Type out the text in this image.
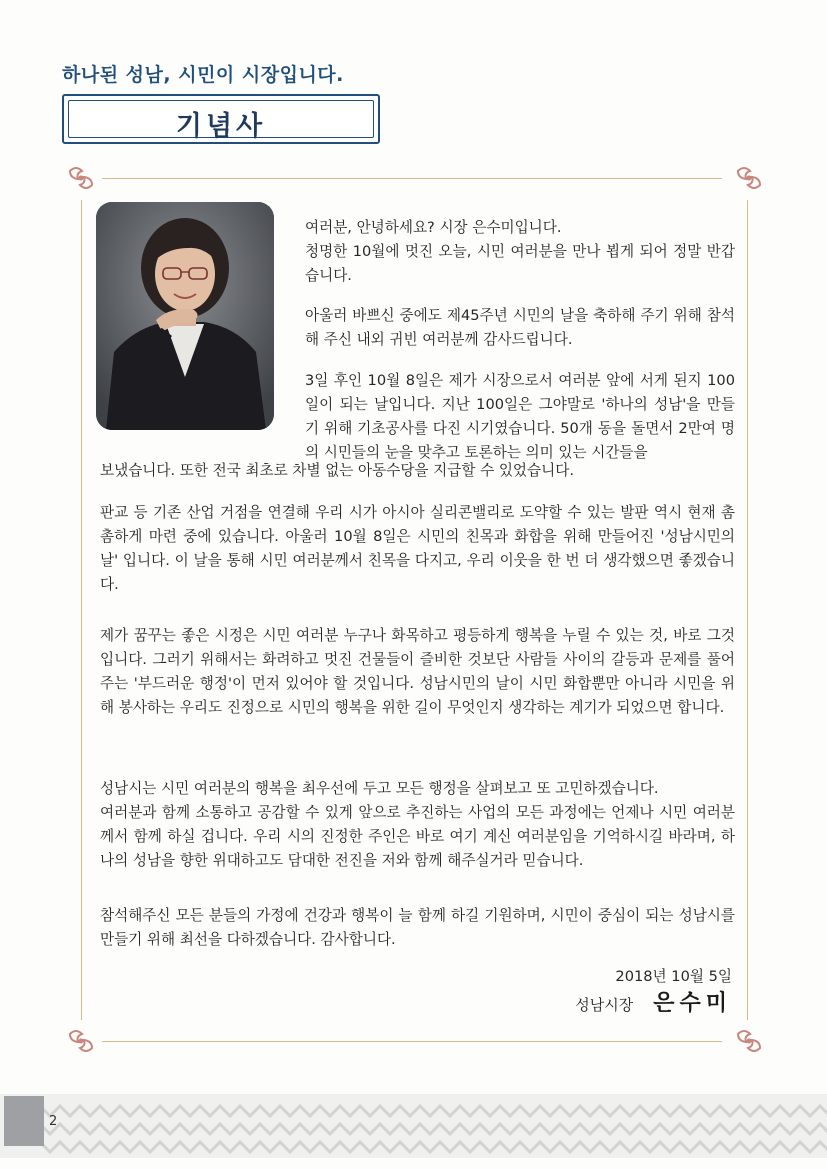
하나된 성남, 시민이 시장입니다.
기념사

여러분, 안녕하세요? 시장 은수미입니다.

청명한 10월에 멋진 오늘, 시민 여러분을 만나 뵙게 되어 정말 반갑습니다.

아울러 바쁘신 중에도 제45주년 시민의 날을 축하해 주기 위해 참석해 주신 내외 귀빈 여러분께 감사드립니다.

3일 후인 10월 8일은 제가 시장으로서 여러분 앞에 서게 된지 100일이 되는 날입니다. 지난 100일은 그야말로 '하나의 성남'을 만들기 위해 기초공사를 다진 시기였습니다. 50개 동을 돌면서 2만여 명의 시민들의 눈을 맞추고 토론하는 의미 있는 시간들을

보냈습니다. 또한 전국 최초로 차별 없는 아동수당을 지급할 수 있었습니다.

판교 등 기존 산업 거점을 연결해 우리 시가 아시아 실리콘밸리로 도약할 수 있는 발판 역시 현재 촘촘하게 마련 중에 있습니다. 아울러 10월 8일은 시민의 친목과 화합을 위해 만들어진 '성남시민의 날' 입니다. 이 날을 통해 시민 여러분께서 친목을 다지고, 우리 이웃을 한 번 더 생각했으면 좋겠습니다.

제가 꿈꾸는 좋은 시정은 시민 여러분 누구나 화목하고 평등하게 행복을 누릴 수 있는 것, 바로 그것입니다. 그러기 위해서는 화려하고 멋진 건물들이 즐비한 것보단 사람들 사이의 갈등과 문제를 풀어주는 '부드러운 행정'이 먼저 있어야 할 것입니다. 성남시민의 날이 시민 화합뿐만 아니라 시민을 위해 봉사하는 우리도 진정으로 시민의 행복을 위한 길이 무엇인지 생각하는 계기가 되었으면 합니다.

성남시는 시민 여러분의 행복을 최우선에 두고 모든 행정을 살펴보고 또 고민하겠습니다.

여러분과 함께 소통하고 공감할 수 있게 앞으로 추진하는 사업의 모든 과정에는 언제나 시민 여러분께서 함께 하실 겁니다. 우리 시의 진정한 주인은 바로 여기 계신 여러분임을 기억하시길 바라며, 하나의 성남을 향한 위대하고도 담대한 전진을 저와 함께 해주실거라 믿습니다.

참석해주신 모든 분들의 가정에 건강과 행복이 늘 함께 하길 기원하며, 시민이 중심이 되는 성남시를 만들기 위해 최선을 다하겠습니다. 감사합니다.

2018년 10월 5일
성남시장 은수미
2
